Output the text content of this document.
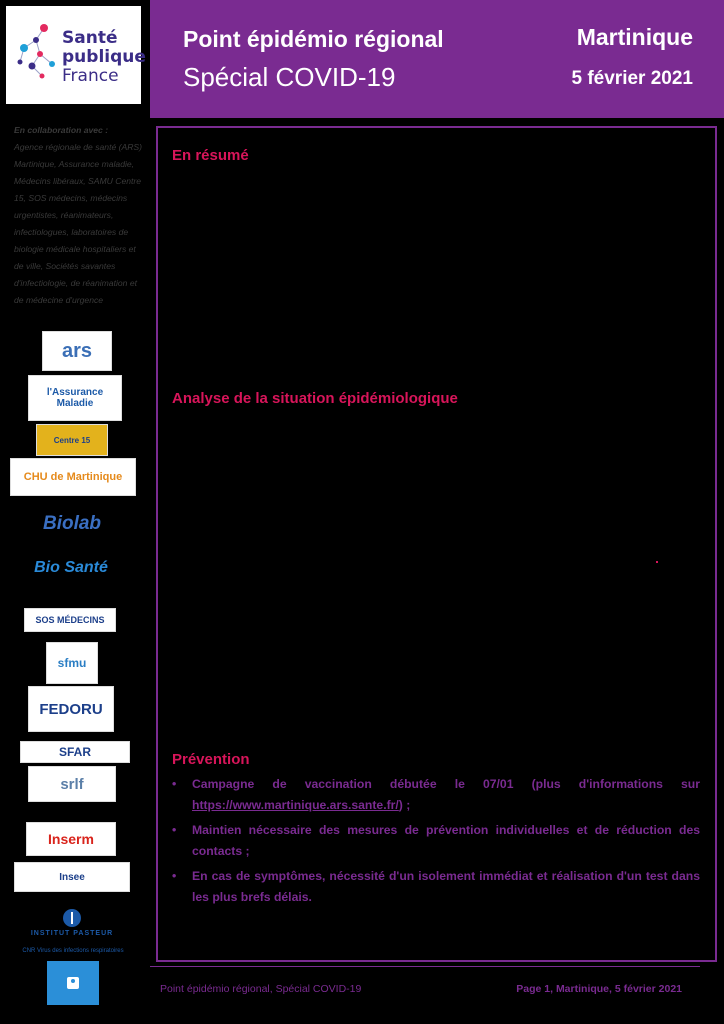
Santé
publique
France
En collaboration avec :
Agence régionale de santé (ARS) Martinique, Assurance maladie, Médecins libéraux, SAMU Centre 15, SOS médecins, médecins urgentistes, réanimateurs, infectiologues, laboratoires de biologie médicale hospitaliers et de ville, Sociétés savantes d'infectiologie, de réanimation et de médecine d'urgence
ars
l'Assurance Maladie
Centre 15
CHU de Martinique
Biolab
Bio Santé
SOS MÉDECINS
sfmu
FEDORU
SFAR
srlf
Inserm
Insee
INSTITUT PASTEUR
CNR Virus des infections respiratoires
Point épidémio régional
Spécial COVID-19
Martinique
5 février 2021
En résumé
Analyse de la situation épidémiologique
Prévention
• Campagne de vaccination débutée le 07/01 (plus d'informations sur https://www.martinique.ars.sante.fr/) ;
• Maintien nécessaire des mesures de prévention individuelles et de réduction des contacts ;
• En cas de symptômes, nécessité d'un isolement immédiat et réalisation d'un test dans les plus brefs délais.
Point épidémio régional, Spécial COVID-19	Page 1, Martinique, 5 février 2021
